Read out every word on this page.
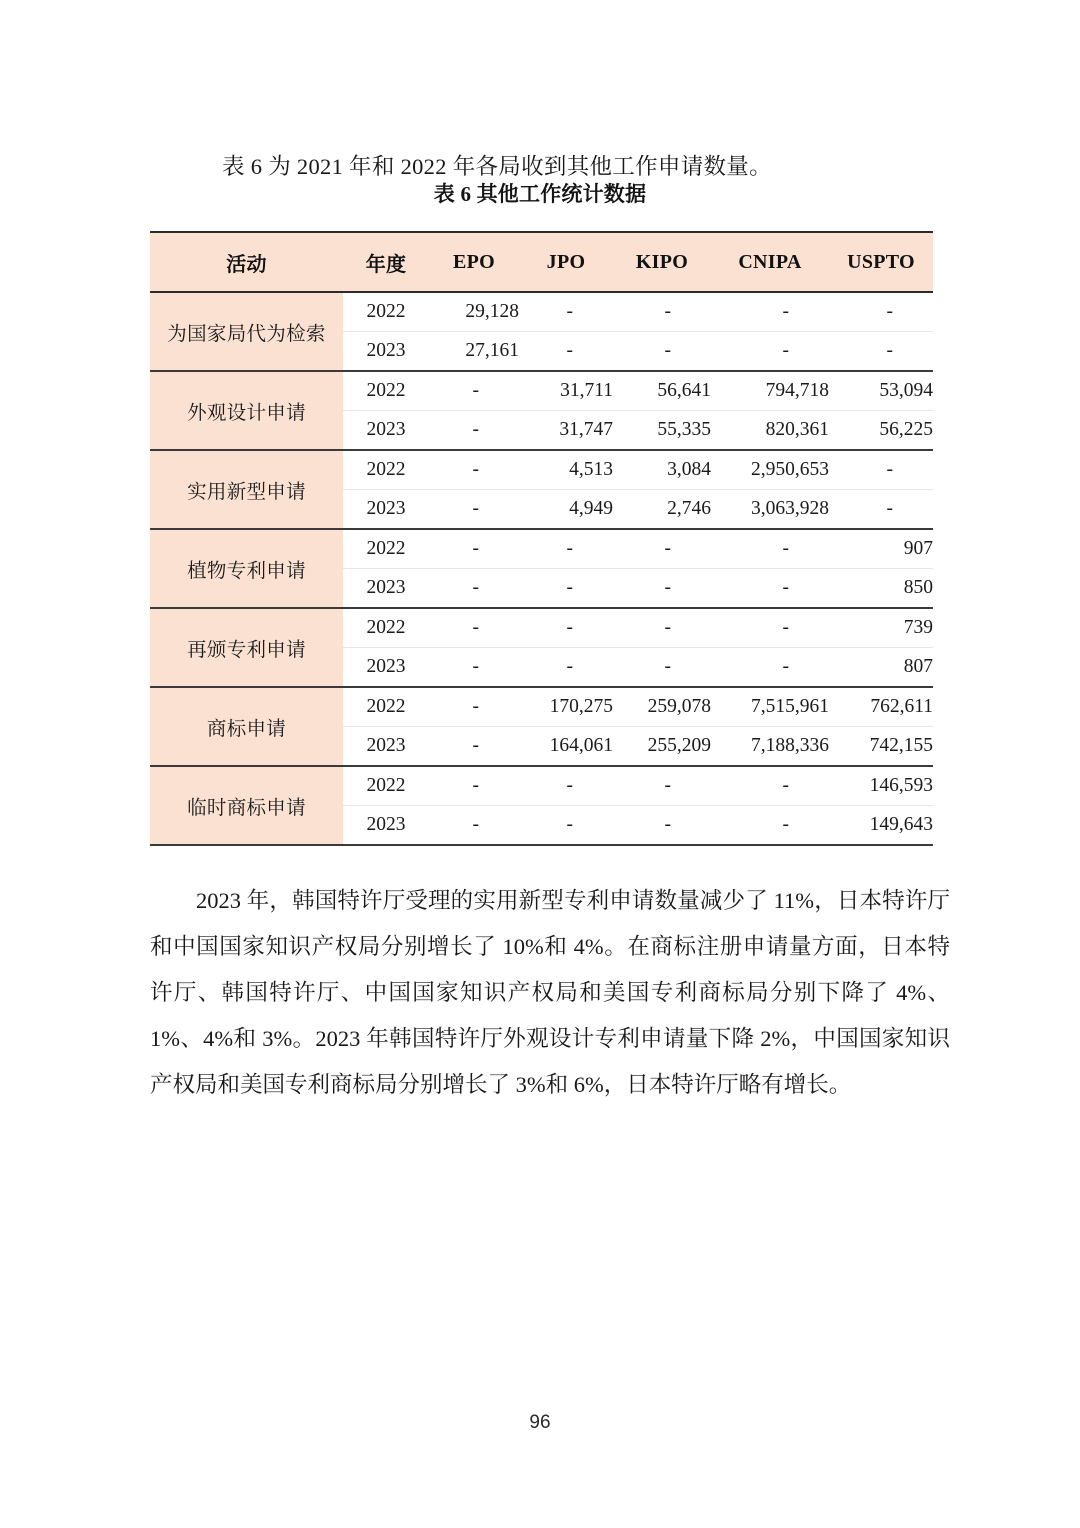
表 6 为 2021 年和 2022 年各局收到其他工作申请数量。

表 6 其他工作统计数据
活动	年度	EPO	JPO	KIPO	CNIPA	USPTO
为国家局代为检索	2022	29,128	-	-	-	-
	2023	27,161	-	-	-	-
外观设计申请	2022	-	31,711	56,641	794,718	53,094
	2023	-	31,747	55,335	820,361	56,225
实用新型申请	2022	-	4,513	3,084	2,950,653	-
	2023	-	4,949	2,746	3,063,928	-
植物专利申请	2022	-	-	-	-	907
	2023	-	-	-	-	850
再颁专利申请	2022	-	-	-	-	739
	2023	-	-	-	-	807
商标申请	2022	-	170,275	259,078	7,515,961	762,611
	2023	-	164,061	255,209	7,188,336	742,155
临时商标申请	2022	-	-	-	-	146,593
	2023	-	-	-	-	149,643
2023 年，韩国特许厅受理的实用新型专利申请数量减少了 11%，日本特许厅和中国国家知识产权局分别增长了 10%和 4%。在商标注册申请量方面，日本特许厅、韩国特许厅、中国国家知识产权局和美国专利商标局分别下降了 4%、1%、4%和 3%。2023 年韩国特许厅外观设计专利申请量下降 2%，中国国家知识产权局和美国专利商标局分别增长了 3%和 6%，日本特许厅略有增长。
96
